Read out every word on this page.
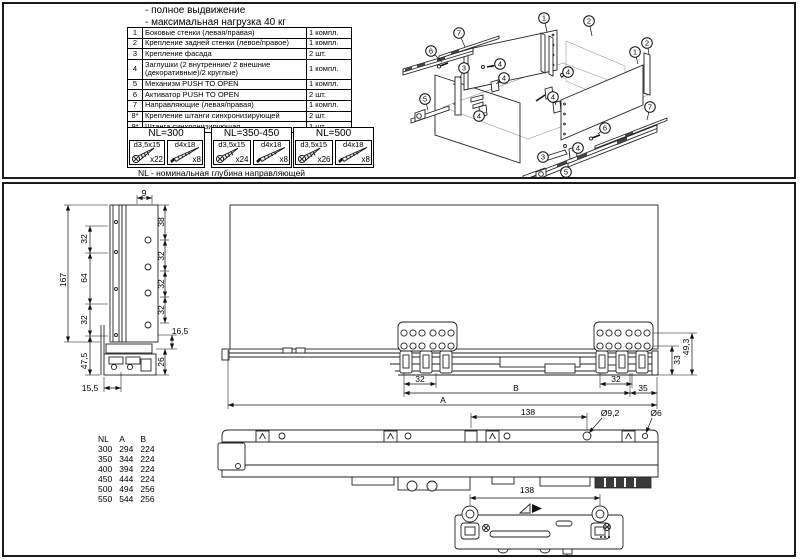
- полное выдвижение
- максимальная нагрузка 40 кг
1	Боковые стенки (левая/правая)	1 компл.
2	Крепление задней стенки (левое/правое)	1 компл.
3	Крепление фасада	2 шт.
4	Заглушки (2 внутренние/ 2 внешние (декоративные)/2 круглые)	1 компл.
5	Механизм PUSH TO OPEN	1 компл.
6	Активатор PUSH TO OPEN	2 шт.
7	Направляющие (левая/правая)	1 компл.
8*	Крепление штанги синхронизирующей	2 шт.
	синхронизирующая	
NL=300
d3,5x15
x22
d4x18
x8
NL=350-450
d3,5x15
x24
d4x18
x8
NL=500
d3,5x15
x26
d4x18
x8
NL - номинальная глубина направляющей
7
1	2
6
3	4
4
4
1
2
5
4
4
7
6
3
4
5
9
38
32
32
32
16,5
26
167
32
64
32
47,5
15,5
32	32
B	35
A
33
49,3
138	Ø9,2	Ø6
138
NL	A	B
300	294	224
350	344	224
400	394	224
450	444	224
500	494	256
550	544	256
